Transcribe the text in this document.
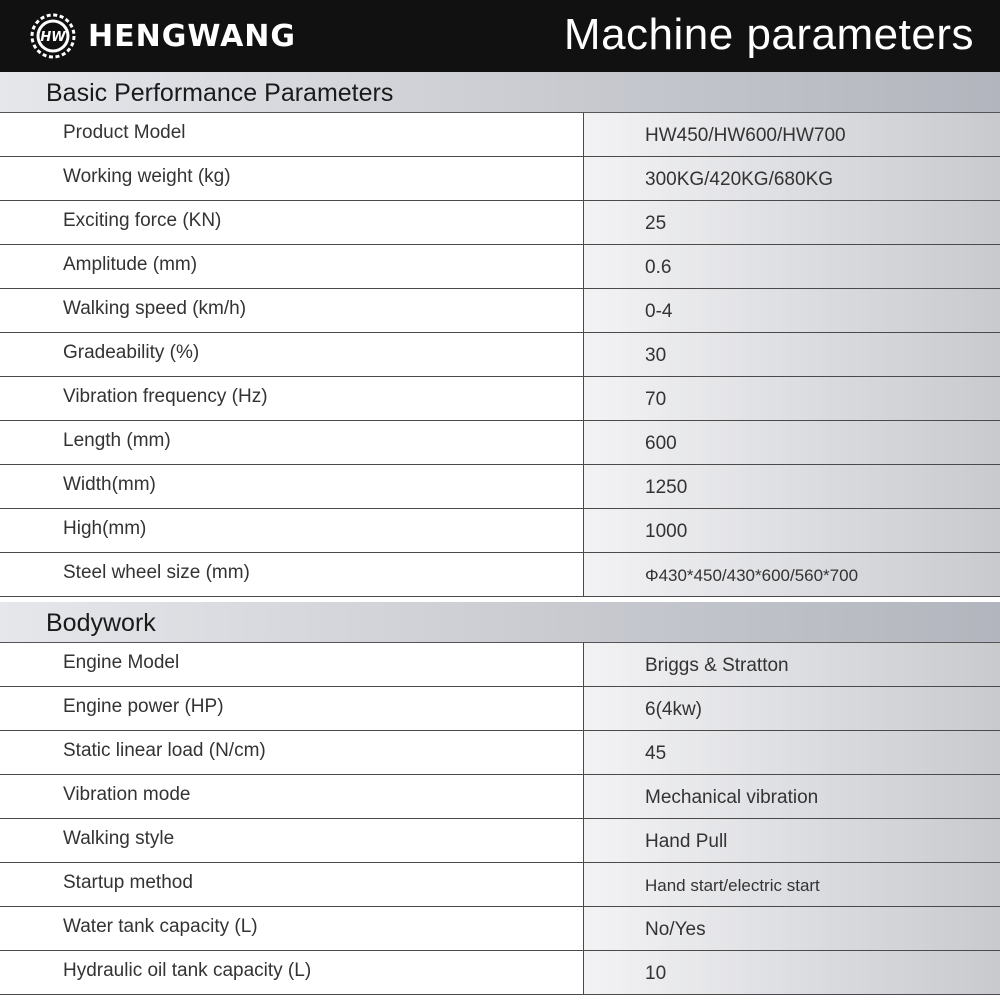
HW HENGWANG	Machine parameters
Basic Performance Parameters
Product Model	HW450/HW600/HW700
Working weight (kg)	300KG/420KG/680KG
Exciting force (KN)	25
Amplitude (mm)	0.6
Walking speed (km/h)	0-4
Gradeability (%)	30
Vibration frequency (Hz)	70
Length (mm)	600
Width(mm)	1250
High(mm)	1000
Steel wheel size (mm)	Φ430*450/430*600/560*700
Bodywork
Engine Model	Briggs & Stratton
Engine power (HP)	6(4kw)
Static linear load (N/cm)	45
Vibration mode	Mechanical vibration
Walking style	Hand Pull
Startup method	Hand start/electric start
Water tank capacity (L)	No/Yes
Hydraulic oil tank capacity (L)	10
